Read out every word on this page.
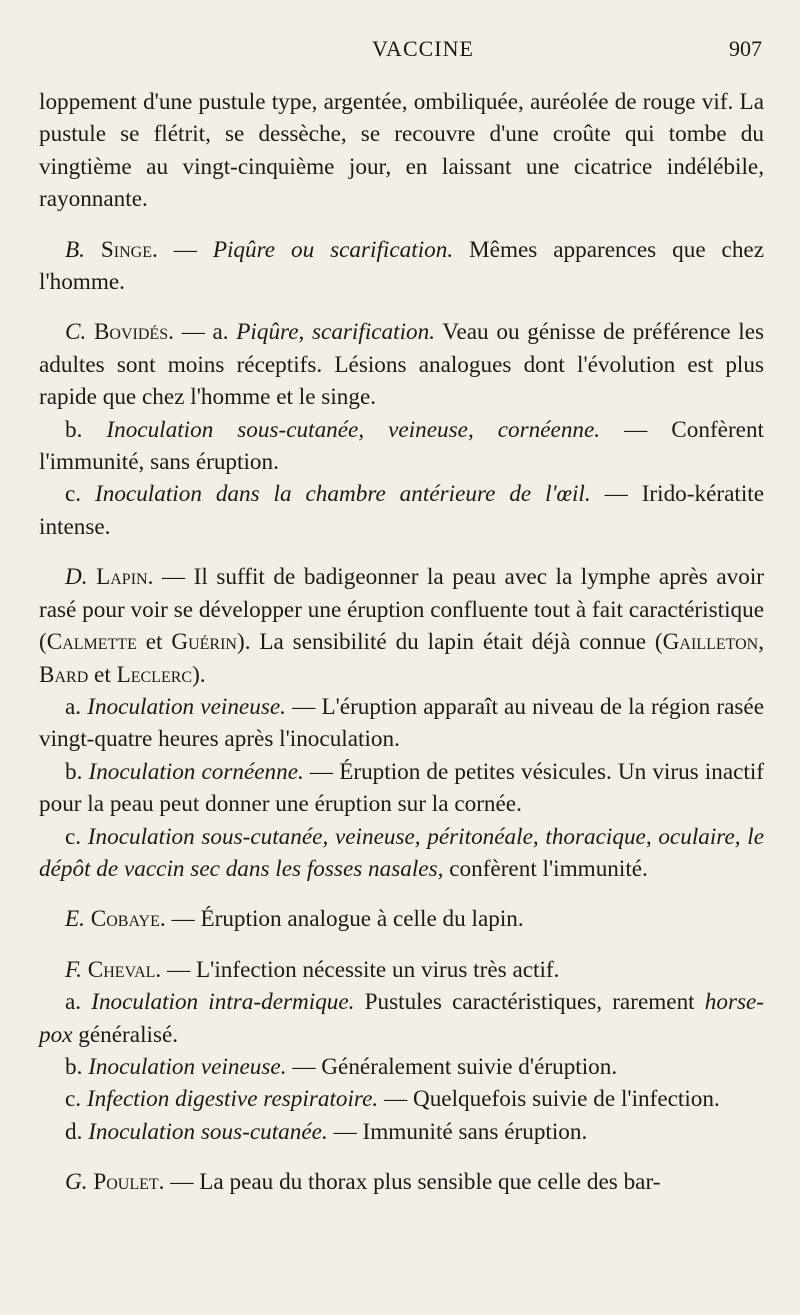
VACCINE	907

loppement d'une pustule type, argentée, ombiliquée, auréolée de rouge vif. La pustule se flétrit, se dessèche, se recouvre d'une croûte qui tombe du vingtième au vingt-cinquième jour, en laissant une cicatrice indélébile, rayonnante.

B. Singe. — Piqûre ou scarification. Mêmes apparences que chez l'homme.

C. Bovidés. — a. Piqûre, scarification. Veau ou génisse de préférence les adultes sont moins réceptifs. Lésions analogues dont l'évolution est plus rapide que chez l'homme et le singe.

b. Inoculation sous-cutanée, veineuse, cornéenne. — Confèrent l'immunité, sans éruption.

c. Inoculation dans la chambre antérieure de l'œil. — Irido-kératite intense.

D. Lapin. — Il suffit de badigeonner la peau avec la lymphe après avoir rasé pour voir se développer une éruption confluente tout à fait caractéristique (Calmette et Guérin). La sensibilité du lapin était déjà connue (Gailleton, Bard et Leclerc).

a. Inoculation veineuse. — L'éruption apparaît au niveau de la région rasée vingt-quatre heures après l'inoculation.

b. Inoculation cornéenne. — Éruption de petites vésicules. Un virus inactif pour la peau peut donner une éruption sur la cornée.

c. Inoculation sous-cutanée, veineuse, péritonéale, thoracique, oculaire, le dépôt de vaccin sec dans les fosses nasales, confèrent l'immunité.

E. Cobaye. — Éruption analogue à celle du lapin.

F. Cheval. — L'infection nécessite un virus très actif.

a. Inoculation intra-dermique. Pustules caractéristiques, rarement horse-pox généralisé.

b. Inoculation veineuse. — Généralement suivie d'éruption.

c. Infection digestive respiratoire. — Quelquefois suivie de l'infection.

d. Inoculation sous-cutanée. — Immunité sans éruption.

G. Poulet. — La peau du thorax plus sensible que celle des bar-
